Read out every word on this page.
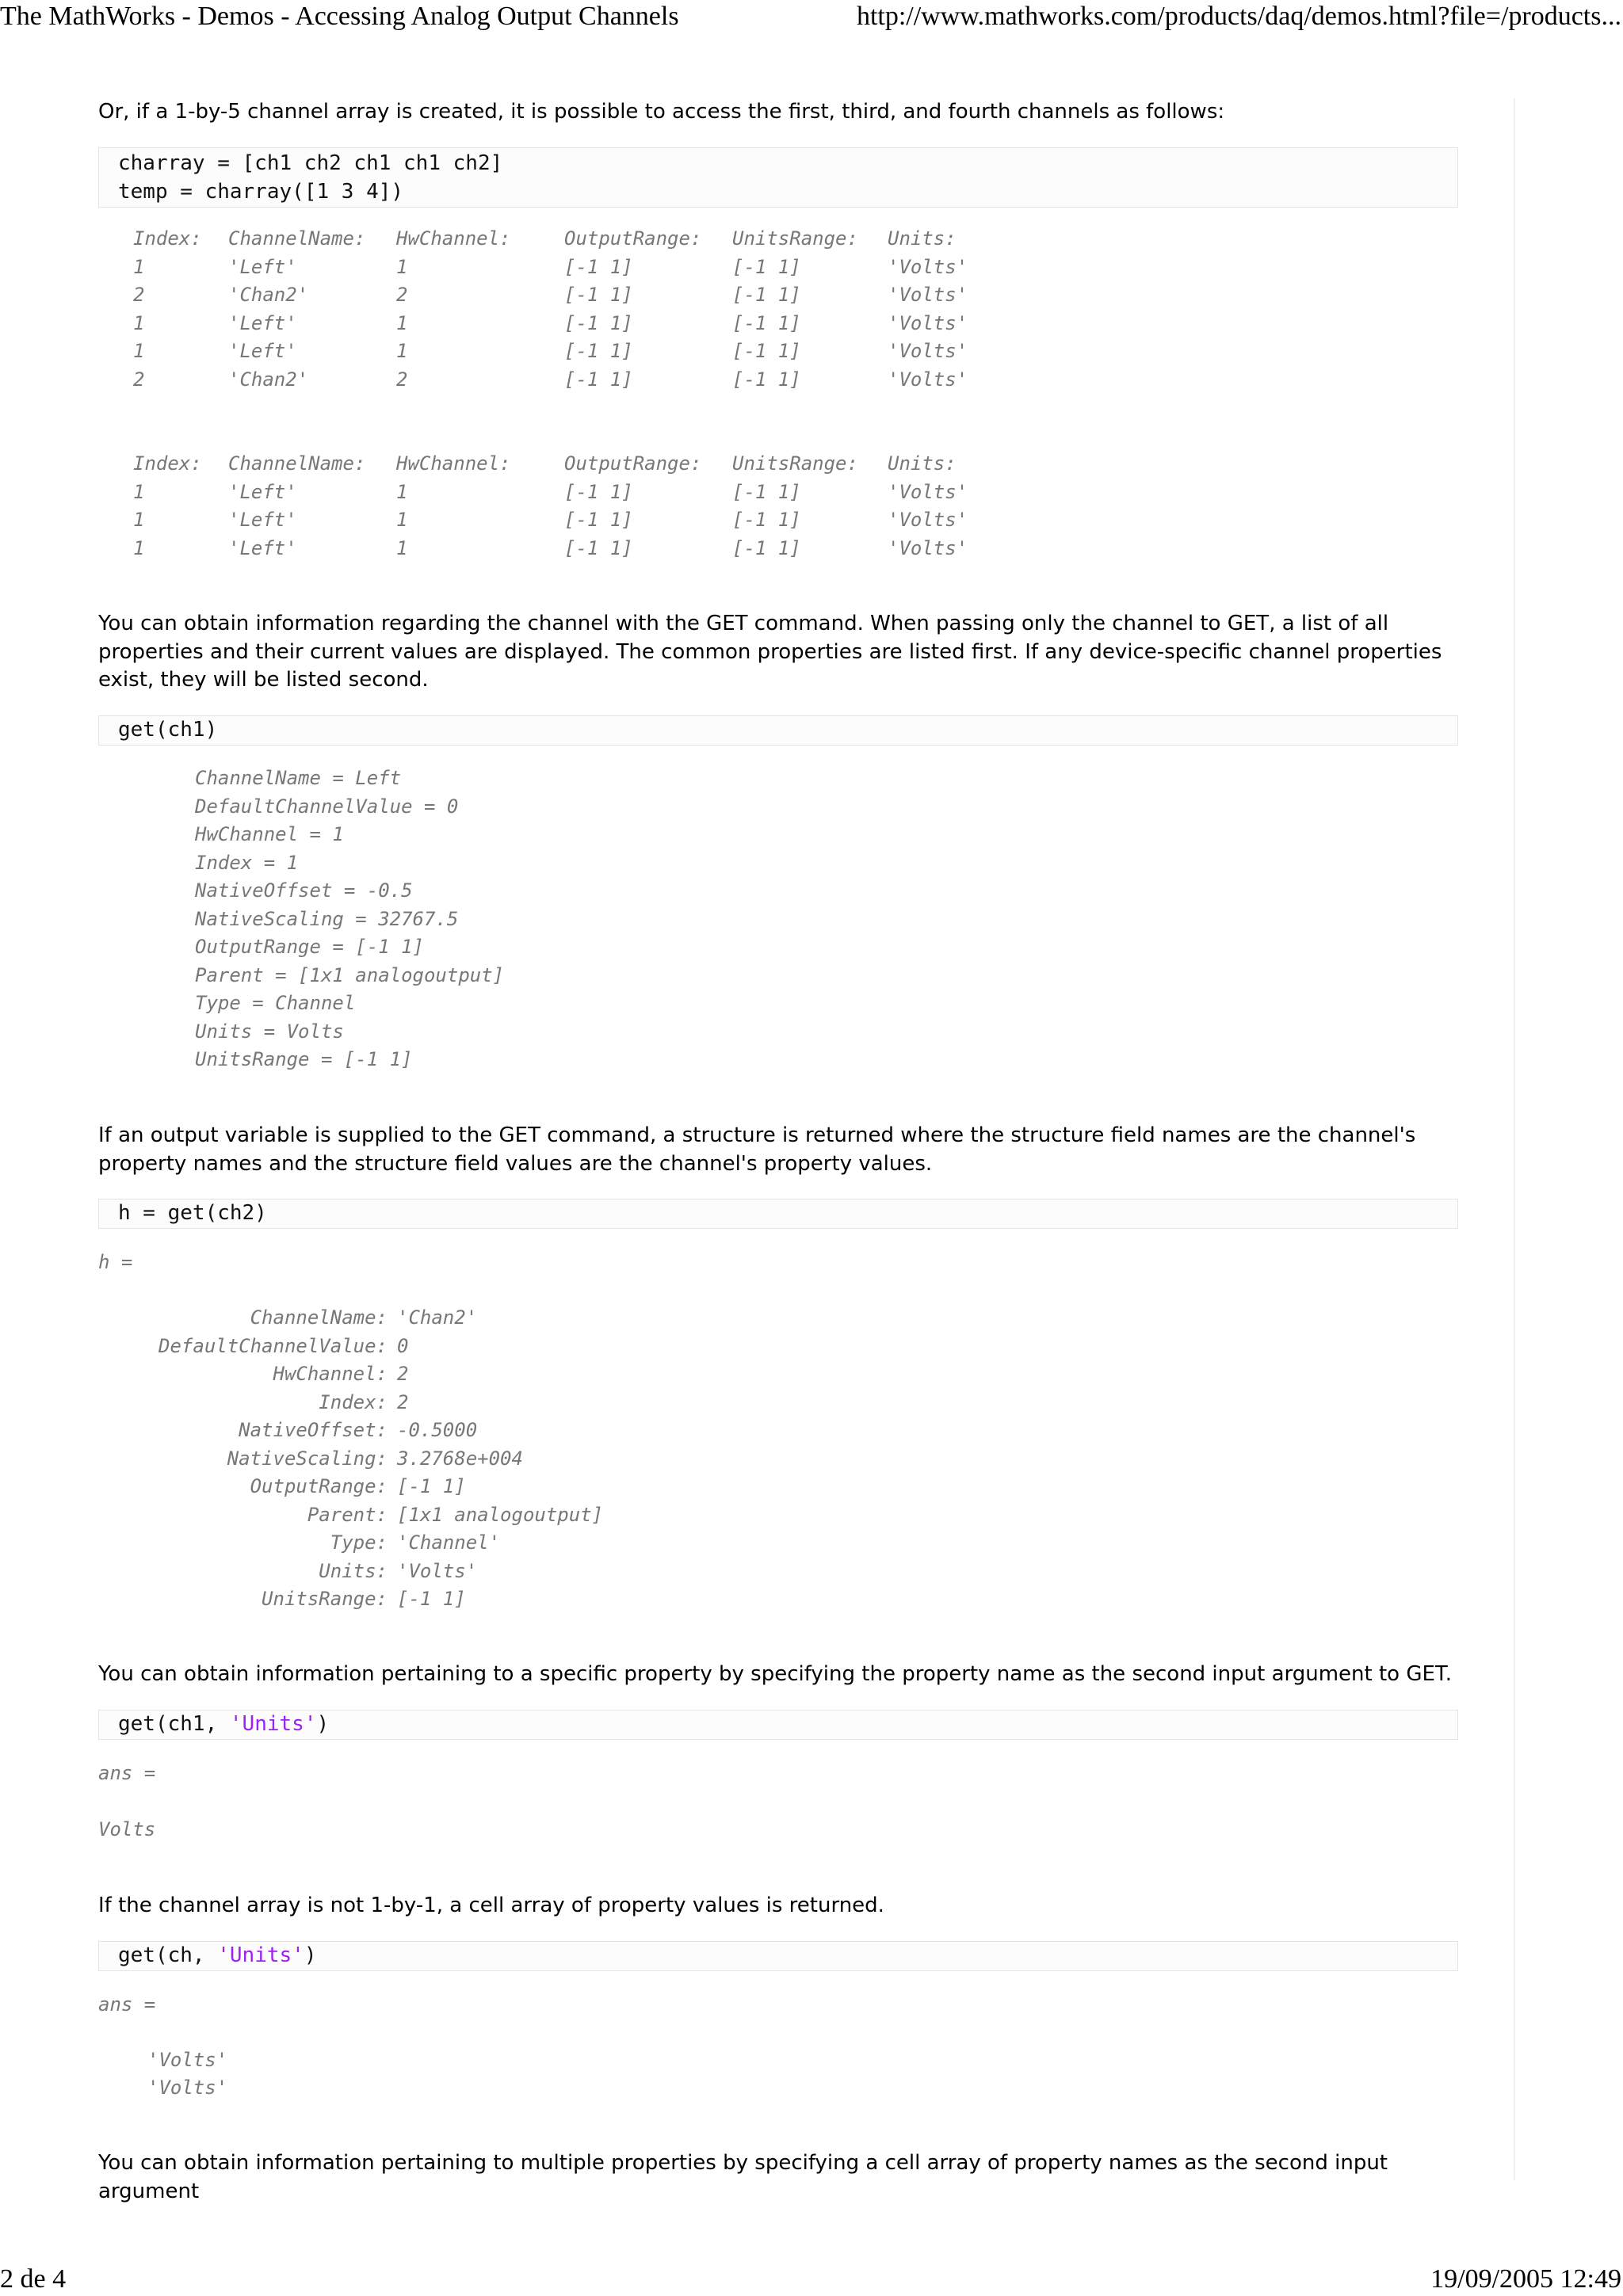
The MathWorks - Demos - Accessing Analog Output Channels	http://www.mathworks.com/products/daq/demos.html?file=/products...
Or, if a 1-by-5 channel array is created, it is possible to access the first, third, and fourth channels as follows:
charray = [ch1 ch2 ch1 ch1 ch2]
temp = charray([1 3 4])
Index:	ChannelName:	HwChannel:	OutputRange:	UnitsRange:	Units:
1	'Left'	1	[-1 1]	[-1 1]	'Volts'
2	'Chan2'	2	[-1 1]	[-1 1]	'Volts'
1	'Left'	1	[-1 1]	[-1 1]	'Volts'
1	'Left'	1	[-1 1]	[-1 1]	'Volts'
2	'Chan2'	2	[-1 1]	[-1 1]	'Volts'
Index:	ChannelName:	HwChannel:	OutputRange:	UnitsRange:	Units:
1	'Left'	1	[-1 1]	[-1 1]	'Volts'
1	'Left'	1	[-1 1]	[-1 1]	'Volts'
1	'Left'	1	[-1 1]	[-1 1]	'Volts'
You can obtain information regarding the channel with the GET command. When passing only the channel to GET, a list of all properties and their current values are displayed. The common properties are listed first. If any device-specific channel properties exist, they will be listed second.
get(ch1)
ChannelName = Left
DefaultChannelValue = 0
HwChannel = 1
Index = 1
NativeOffset = -0.5
NativeScaling = 32767.5
OutputRange = [-1 1]
Parent = [1x1 analogoutput]
Type = Channel
Units = Volts
UnitsRange = [-1 1]
If an output variable is supplied to the GET command, a structure is returned where the structure field names are the channel's property names and the structure field values are the channel's property values.
h = get(ch2)
h =
ChannelName: 'Chan2'
DefaultChannelValue: 0
HwChannel: 2
Index: 2
NativeOffset: -0.5000
NativeScaling: 3.2768e+004
OutputRange: [-1 1]
Parent: [1x1 analogoutput]
Type: 'Channel'
Units: 'Volts'
UnitsRange: [-1 1]
You can obtain information pertaining to a specific property by specifying the property name as the second input argument to GET.
get(ch1, 'Units')
ans =
Volts
If the channel array is not 1-by-1, a cell array of property values is returned.
get(ch, 'Units')
ans =
'Volts'
'Volts'
You can obtain information pertaining to multiple properties by specifying a cell array of property names as the second input argument
2 de 4	19/09/2005 12:49
